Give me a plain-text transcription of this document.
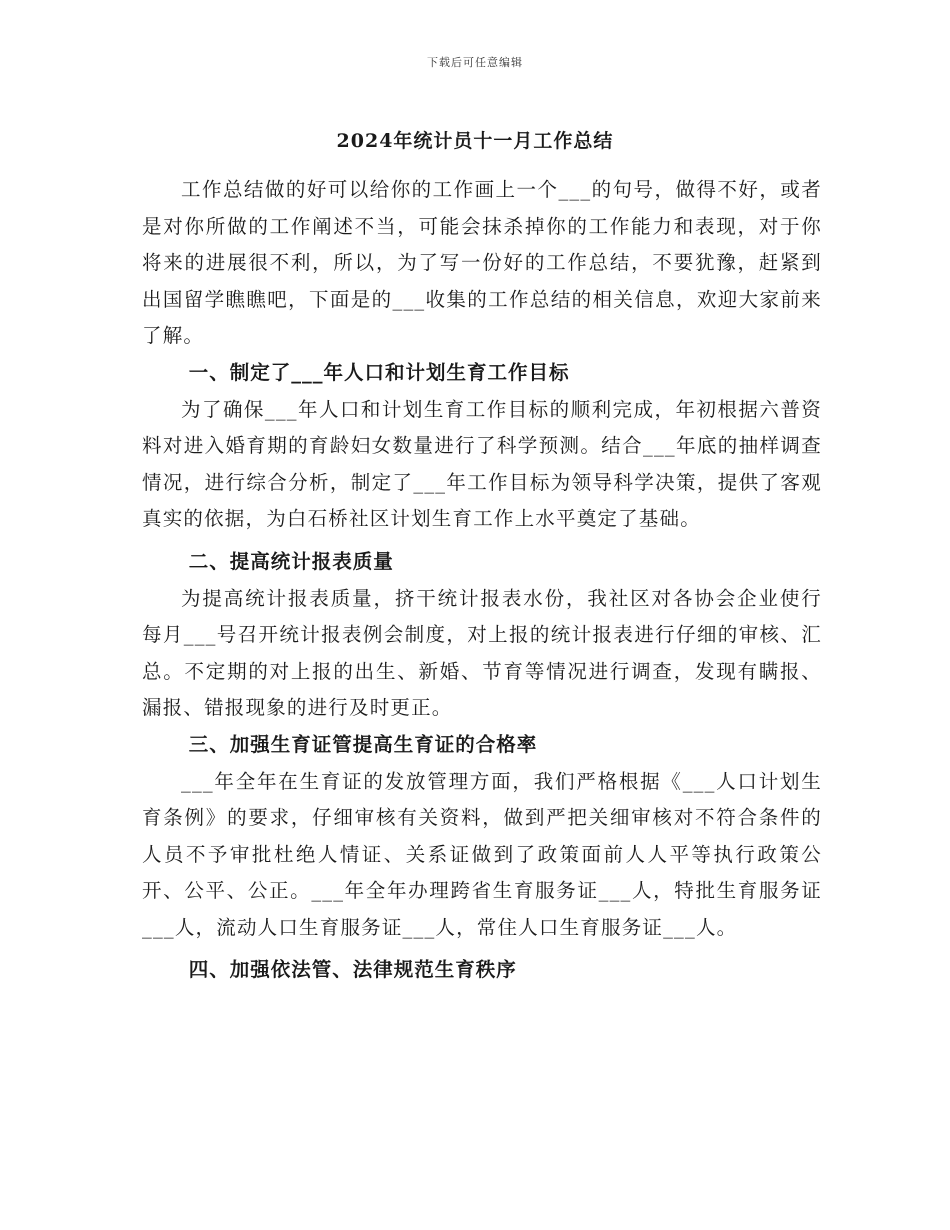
下载后可任意编辑
2024年统计员十一月工作总结

工作总结做的好可以给你的工作画上一个___的句号，做得不好，或者是对你所做的工作阐述不当，可能会抹杀掉你的工作能力和表现，对于你将来的进展很不利，所以，为了写一份好的工作总结，不要犹豫，赶紧到出国留学瞧瞧吧，下面是的___收集的工作总结的相关信息，欢迎大家前来了解。

一、制定了___年人口和计划生育工作目标

为了确保___年人口和计划生育工作目标的顺利完成，年初根据六普资料对进入婚育期的育龄妇女数量进行了科学预测。结合___年底的抽样调查情况，进行综合分析，制定了___年工作目标为领导科学决策，提供了客观真实的依据，为白石桥社区计划生育工作上水平奠定了基础。

二、提高统计报表质量

为提高统计报表质量，挤干统计报表水份，我社区对各协会企业使行每月___号召开统计报表例会制度，对上报的统计报表进行仔细的审核、汇总。不定期的对上报的出生、新婚、节育等情况进行调查，发现有瞒报、漏报、错报现象的进行及时更正。

三、加强生育证管提高生育证的合格率

___年全年在生育证的发放管理方面，我们严格根据《___人口计划生育条例》的要求，仔细审核有关资料，做到严把关细审核对不符合条件的人员不予审批杜绝人情证、关系证做到了政策面前人人平等执行政策公开、公平、公正。___年全年办理跨省生育服务证___人，特批生育服务证___人，流动人口生育服务证___人，常住人口生育服务证___人。

四、加强依法管、法律规范生育秩序
